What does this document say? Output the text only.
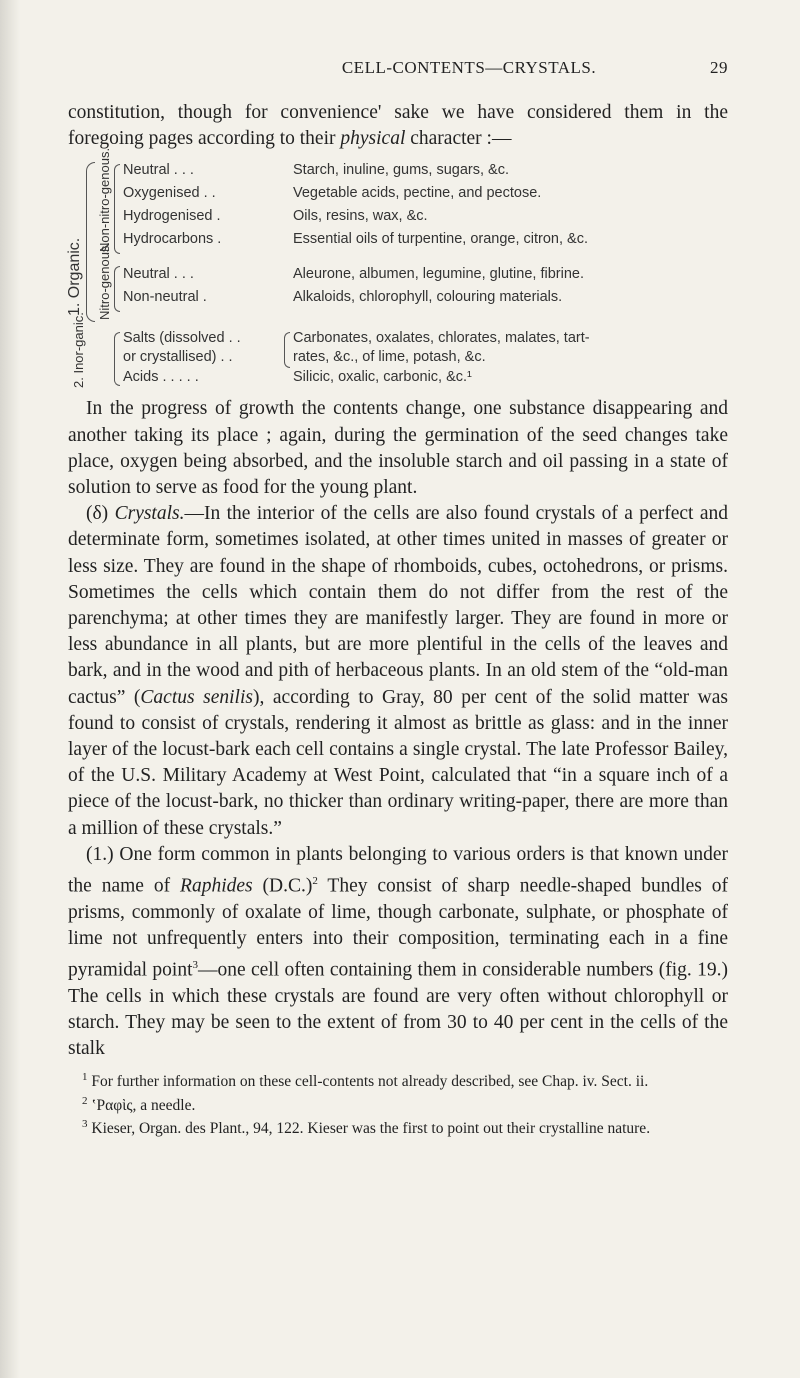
CELL-CONTENTS—CRYSTALS.	29

constitution, though for convenience' sake we have considered them in the foregoing pages according to their physical character :—

1. Organic.
Non-nitro-genous.
Nitro-genous.
2. Inor-ganic.
Neutral . . .	Starch, inuline, gums, sugars, &c.
Oxygenised . .	Vegetable acids, pectine, and pectose.
Hydrogenised .	Oils, resins, wax, &c.
Hydrocarbons .	Essential oils of turpentine, orange, citron, &c.
Neutral . . .	Aleurone, albumen, legumine, glutine, fibrine.
Non-neutral .	Alkaloids, chlorophyll, colouring materials.
Salts (dissolved . .	Carbonates, oxalates, chlorates, malates, tart-
or crystallised) . .	rates, &c., of lime, potash, &c.
Acids . . . . .	Silicic, oxalic, carbonic, &c.¹

In the progress of growth the contents change, one substance disappearing and another taking its place ; again, during the germination of the seed changes take place, oxygen being absorbed, and the insoluble starch and oil passing in a state of solution to serve as food for the young plant.

(δ) Crystals.—In the interior of the cells are also found crystals of a perfect and determinate form, sometimes isolated, at other times united in masses of greater or less size. They are found in the shape of rhomboids, cubes, octohedrons, or prisms. Sometimes the cells which contain them do not differ from the rest of the parenchyma; at other times they are manifestly larger. They are found in more or less abundance in all plants, but are more plentiful in the cells of the leaves and bark, and in the wood and pith of herbaceous plants. In an old stem of the “old-man cactus” (Cactus senilis), according to Gray, 80 per cent of the solid matter was found to consist of crystals, rendering it almost as brittle as glass: and in the inner layer of the locust-bark each cell contains a single crystal. The late Professor Bailey, of the U.S. Military Academy at West Point, calculated that “in a square inch of a piece of the locust-bark, no thicker than ordinary writing-paper, there are more than a million of these crystals.”

(1.) One form common in plants belonging to various orders is that known under the name of Raphides $(D.C.)^2$ They consist of sharp needle-shaped bundles of prisms, commonly of oxalate of lime, though carbonate, sulphate, or phosphate of lime not unfrequently enters into their composition, terminating each in a fine pyramidal point$^3$—one cell often containing them in considerable numbers (fig. 19.) The cells in which these crystals are found are very often without chlorophyll or starch. They may be seen to the extent of from 30 to 40 per cent in the cells of the stalk

$^1$ For further information on these cell-contents not already described, see Chap. iv. Sect. ii.

$^2$ ʽΡαφὶς, a needle.

$^3$ Kieser, Organ. des Plant., 94, 122. Kieser was the first to point out their crystalline nature.
